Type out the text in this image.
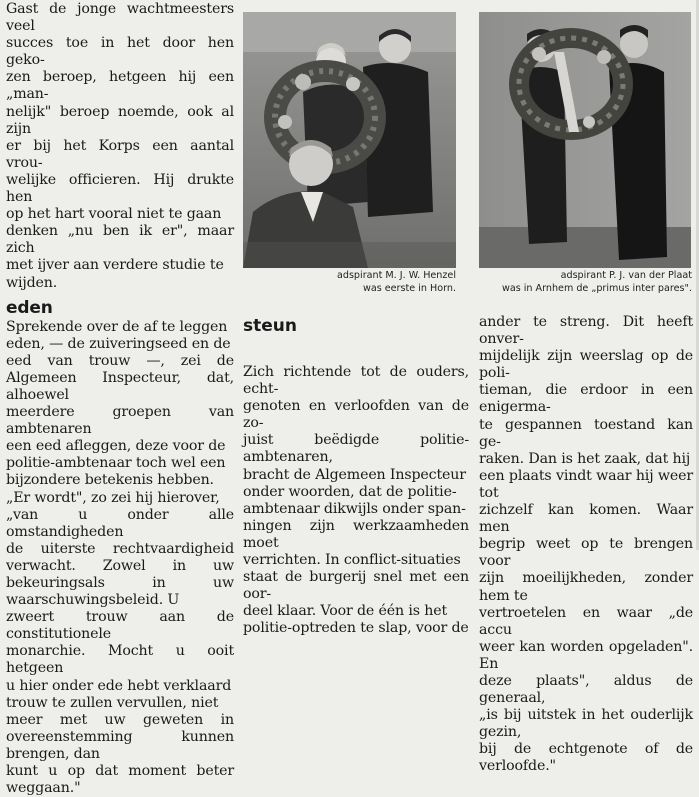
Gast de jonge wachtmeesters veel
succes toe in het door hen geko-
zen beroep, hetgeen hij een „man-
nelijk" beroep noemde, ook al zijn
er bij het Korps een aantal vrou-
welijke officieren. Hij drukte hen
op het hart vooral niet te gaan
denken „nu ben ik er", maar zich
met ijver aan verdere studie te
wijden.

eden

Sprekende over de af te leggen
eden, — de zuiveringseed en de
eed van trouw —, zei de Algemeen Inspecteur, dat, alhoewel
meerdere groepen van ambtenaren
een eed afleggen, deze voor de
politie-ambtenaar toch wel een
bijzondere betekenis hebben.

„Er wordt", zo zei hij hierover,
„van u onder alle omstandigheden
de uiterste rechtvaardigheid verwacht. Zowel in uw bekeuringsals in uw waarschuwingsbeleid. U
zweert trouw aan de constitutionele
monarchie. Mocht u ooit hetgeen
u hier onder ede hebt verklaard
trouw te zullen vervullen, niet
meer met uw geweten in overeenstemming kunnen brengen, dan
kunt u op dat moment beter weggaan."

adspirant M. J. W. Henzel
was eerste in Horn.
adspirant P. J. van der Plaat
was in Arnhem de „primus inter pares".
steun

Zich richtende tot de ouders, echt-
genoten en verloofden van de zo-
juist beëdigde politie-ambtenaren,
bracht de Algemeen Inspecteur
onder woorden, dat de politie-
ambtenaar dikwijls onder span-
ningen zijn werkzaamheden moet
verrichten. In conflict-situaties
staat de burgerij snel met een oor-
deel klaar. Voor de één is het
politie-optreden te slap, voor de

ander te streng. Dit heeft onver-
mijdelijk zijn weerslag op de poli-
tieman, die erdoor in een enigerma-
te gespannen toestand kan ge-
raken. Dan is het zaak, dat hij
een plaats vindt waar hij weer tot
zichzelf kan komen. Waar men
begrip weet op te brengen voor
zijn moeilijkheden, zonder hem te
vertroetelen en waar „de accu
weer kan worden opgeladen". En
deze plaats", aldus de generaal,
„is bij uitstek in het ouderlijk gezin,
bij de echtgenote of de verloofde."
